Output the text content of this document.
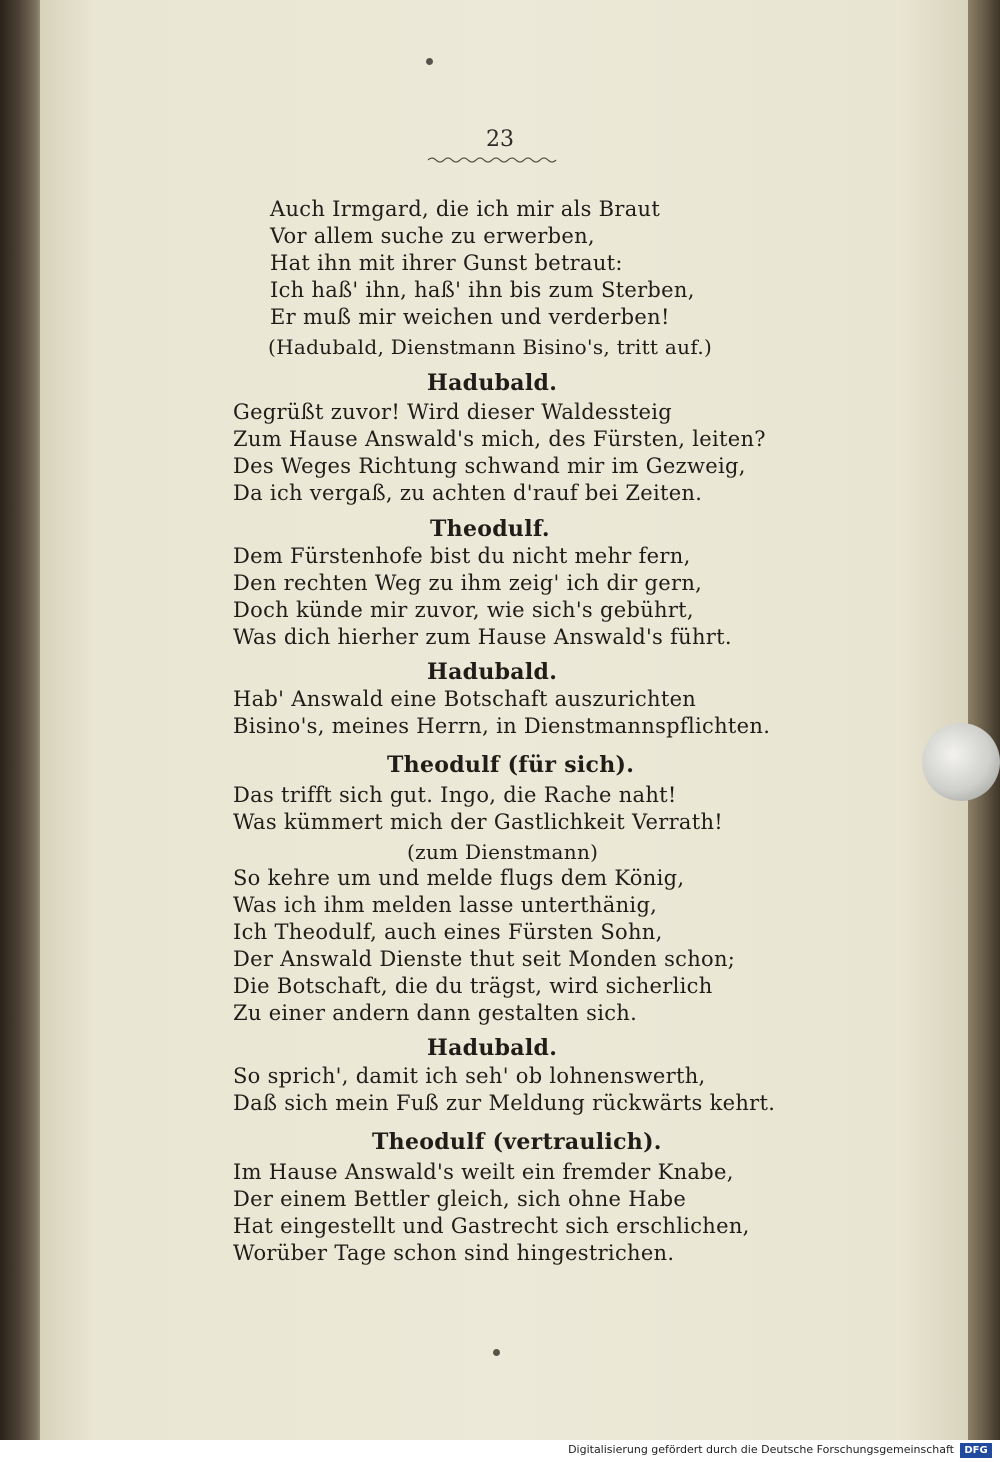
23
Auch Irmgard, die ich mir als Braut
Vor allem suche zu erwerben,
Hat ihn mit ihrer Gunst betraut:
Ich haß' ihn, haß' ihn bis zum Sterben,
Er muß mir weichen und verderben!
(Hadubald, Dienstmann Bisino's, tritt auf.)
Hadubald.
Gegrüßt zuvor! Wird dieser Waldessteig
Zum Hause Answald's mich, des Fürsten, leiten?
Des Weges Richtung schwand mir im Gezweig,
Da ich vergaß, zu achten d'rauf bei Zeiten.
Theodulf.
Dem Fürstenhofe bist du nicht mehr fern,
Den rechten Weg zu ihm zeig' ich dir gern,
Doch künde mir zuvor, wie sich's gebührt,
Was dich hierher zum Hause Answald's führt.
Hadubald.
Hab' Answald eine Botschaft auszurichten
Bisino's, meines Herrn, in Dienstmannspflichten.
Theodulf (für sich).
Das trifft sich gut. Ingo, die Rache naht!
Was kümmert mich der Gastlichkeit Verrath!
(zum Dienstmann)
So kehre um und melde flugs dem König,
Was ich ihm melden lasse unterthänig,
Ich Theodulf, auch eines Fürsten Sohn,
Der Answald Dienste thut seit Monden schon;
Die Botschaft, die du trägst, wird sicherlich
Zu einer andern dann gestalten sich.
Hadubald.
So sprich', damit ich seh' ob lohnenswerth,
Daß sich mein Fuß zur Meldung rückwärts kehrt.
Theodulf (vertraulich).
Im Hause Answald's weilt ein fremder Knabe,
Der einem Bettler gleich, sich ohne Habe
Hat eingestellt und Gastrecht sich erschlichen,
Worüber Tage schon sind hingestrichen.
Digitalisierung gefördert durch die Deutsche Forschungsgemeinschaft	DFG
